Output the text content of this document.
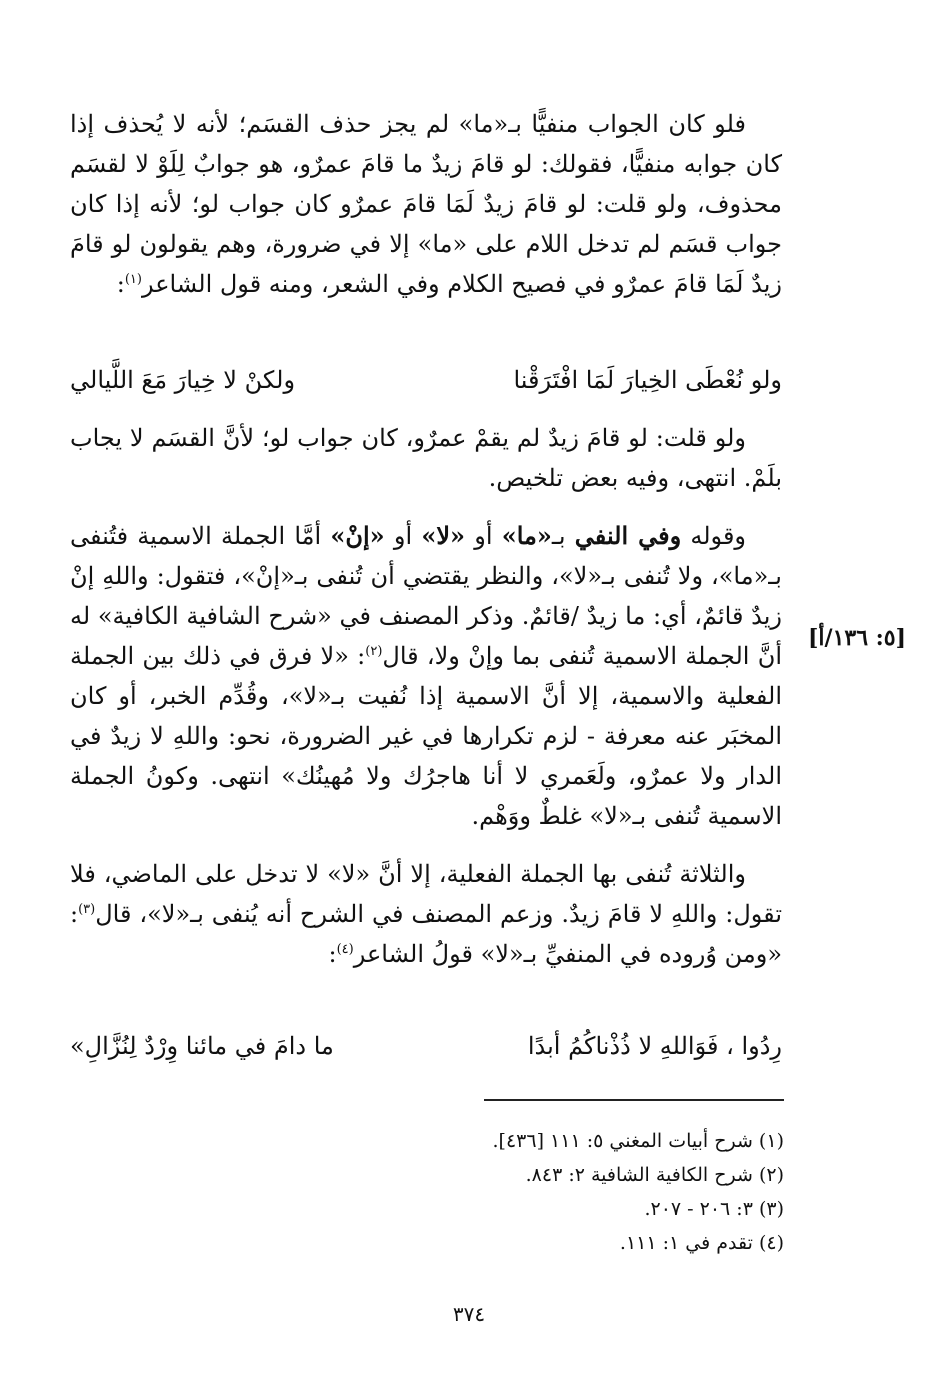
فلو كان الجواب منفيًّا بـ«ما» لم يجز حذف القسَم؛ لأنه لا يُحذف إذا كان جوابه منفيًّا، فقولك: لو قامَ زيدٌ ما قامَ عمرٌو، هو جوابٌ لِلَوْ لا لقسَم محذوف، ولو قلت: لو قامَ زيدٌ لَمَا قامَ عمرٌو كان جواب لو؛ لأنه إذا كان جواب قسَم لم تدخل اللام على «ما» إلا في ضرورة، وهم يقولون لو قامَ زيدٌ لَمَا قامَ عمرٌو في فصيح الكلام وفي الشعر، ومنه قول الشاعر$^{(١)}$:

ولو نُعْطَى الخِيارَ لَمَا افْتَرَقْنا
ولكنْ لا خِيارَ مَعَ اللَّيالي

ولو قلت: لو قامَ زيدٌ لم يقمْ عمرٌو، كان جواب لو؛ لأنَّ القسَم لا يجاب بلَمْ. انتهى، وفيه بعض تلخيص.

وقوله وفي النفي بـ«ما» أو «لا» أو «إنْ» أمَّا الجملة الاسمية فتُنفى بـ«ما»، ولا تُنفى بـ«لا»، والنظر يقتضي أن تُنفى بـ«إنْ»، فتقول: واللهِ إنْ زيدٌ قائمٌ، أي: ما زيدٌ /قائمٌ. وذكر المصنف في «شرح الشافية الكافية» له أنَّ الجملة الاسمية تُنفى بما وإنْ ولا، قال$^{(٢)}$: «لا فرق في ذلك بين الجملة الفعلية والاسمية، إلا أنَّ الاسمية إذا نُفيت بـ«لا»، وقُدِّم الخبر، أو كان المخبَر عنه معرفة - لزم تكرارها في غير الضرورة، نحو: واللهِ لا زيدٌ في الدار ولا عمرٌو، ولَعَمري لا أنا هاجرُك ولا مُهينُك» انتهى. وكونُ الجملة الاسمية تُنفى بـ«لا» غلطٌ ووَهْم.

والثلاثة تُنفى بها الجملة الفعلية، إلا أنَّ «لا» لا تدخل على الماضي، فلا تقول: واللهِ لا قامَ زيدٌ. وزعم المصنف في الشرح أنه يُنفى بـ«لا»، قال$^{(٣)}$: «ومن وُروده في المنفيِّ بـ«لا» قولُ الشاعر$^{(٤)}$:

رِدُوا ، فَوَاللهِ لا ذُذْناكُمُ أبدًا
ما دامَ في مائنا وِرْدٌ لِنُزَّالِ»
[٥: ١٣٦/أ]
(١) شرح أبيات المغني ٥: ١١١ [٤٣٦].
(٢) شرح الكافية الشافية ٢: ٨٤٣.
(٣) ٣: ٢٠٦ - ٢٠٧.
(٤) تقدم في ١: ١١١.
٣٧٤
